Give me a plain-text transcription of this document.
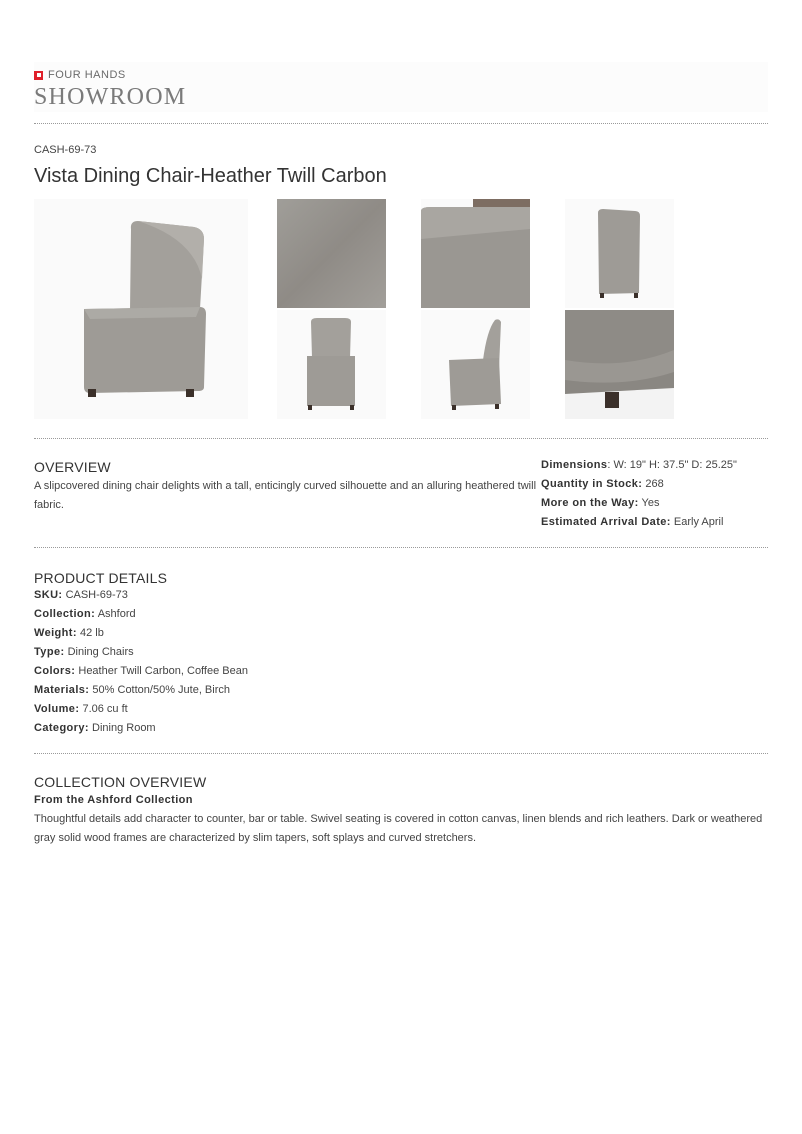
FOUR HANDS
SHOWROOM
CASH-69-73
Vista Dining Chair-Heather Twill Carbon
OVERVIEW
A slipcovered dining chair delights with a tall, enticingly curved silhouette and an alluring heathered twill fabric.
Dimensions: W: 19" H: 37.5" D: 25.25"
Quantity in Stock: 268
More on the Way: Yes
Estimated Arrival Date: Early April
PRODUCT DETAILS
SKU: CASH-69-73
Collection: Ashford
Weight: 42 lb
Type: Dining Chairs
Colors: Heather Twill Carbon, Coffee Bean
Materials: 50% Cotton/50% Jute, Birch
Volume: 7.06 cu ft
Category: Dining Room
COLLECTION OVERVIEW
From the Ashford Collection
Thoughtful details add character to counter, bar or table. Swivel seating is covered in cotton canvas, linen blends and rich leathers. Dark or weathered gray solid wood frames are characterized by slim tapers, soft splays and curved stretchers.
